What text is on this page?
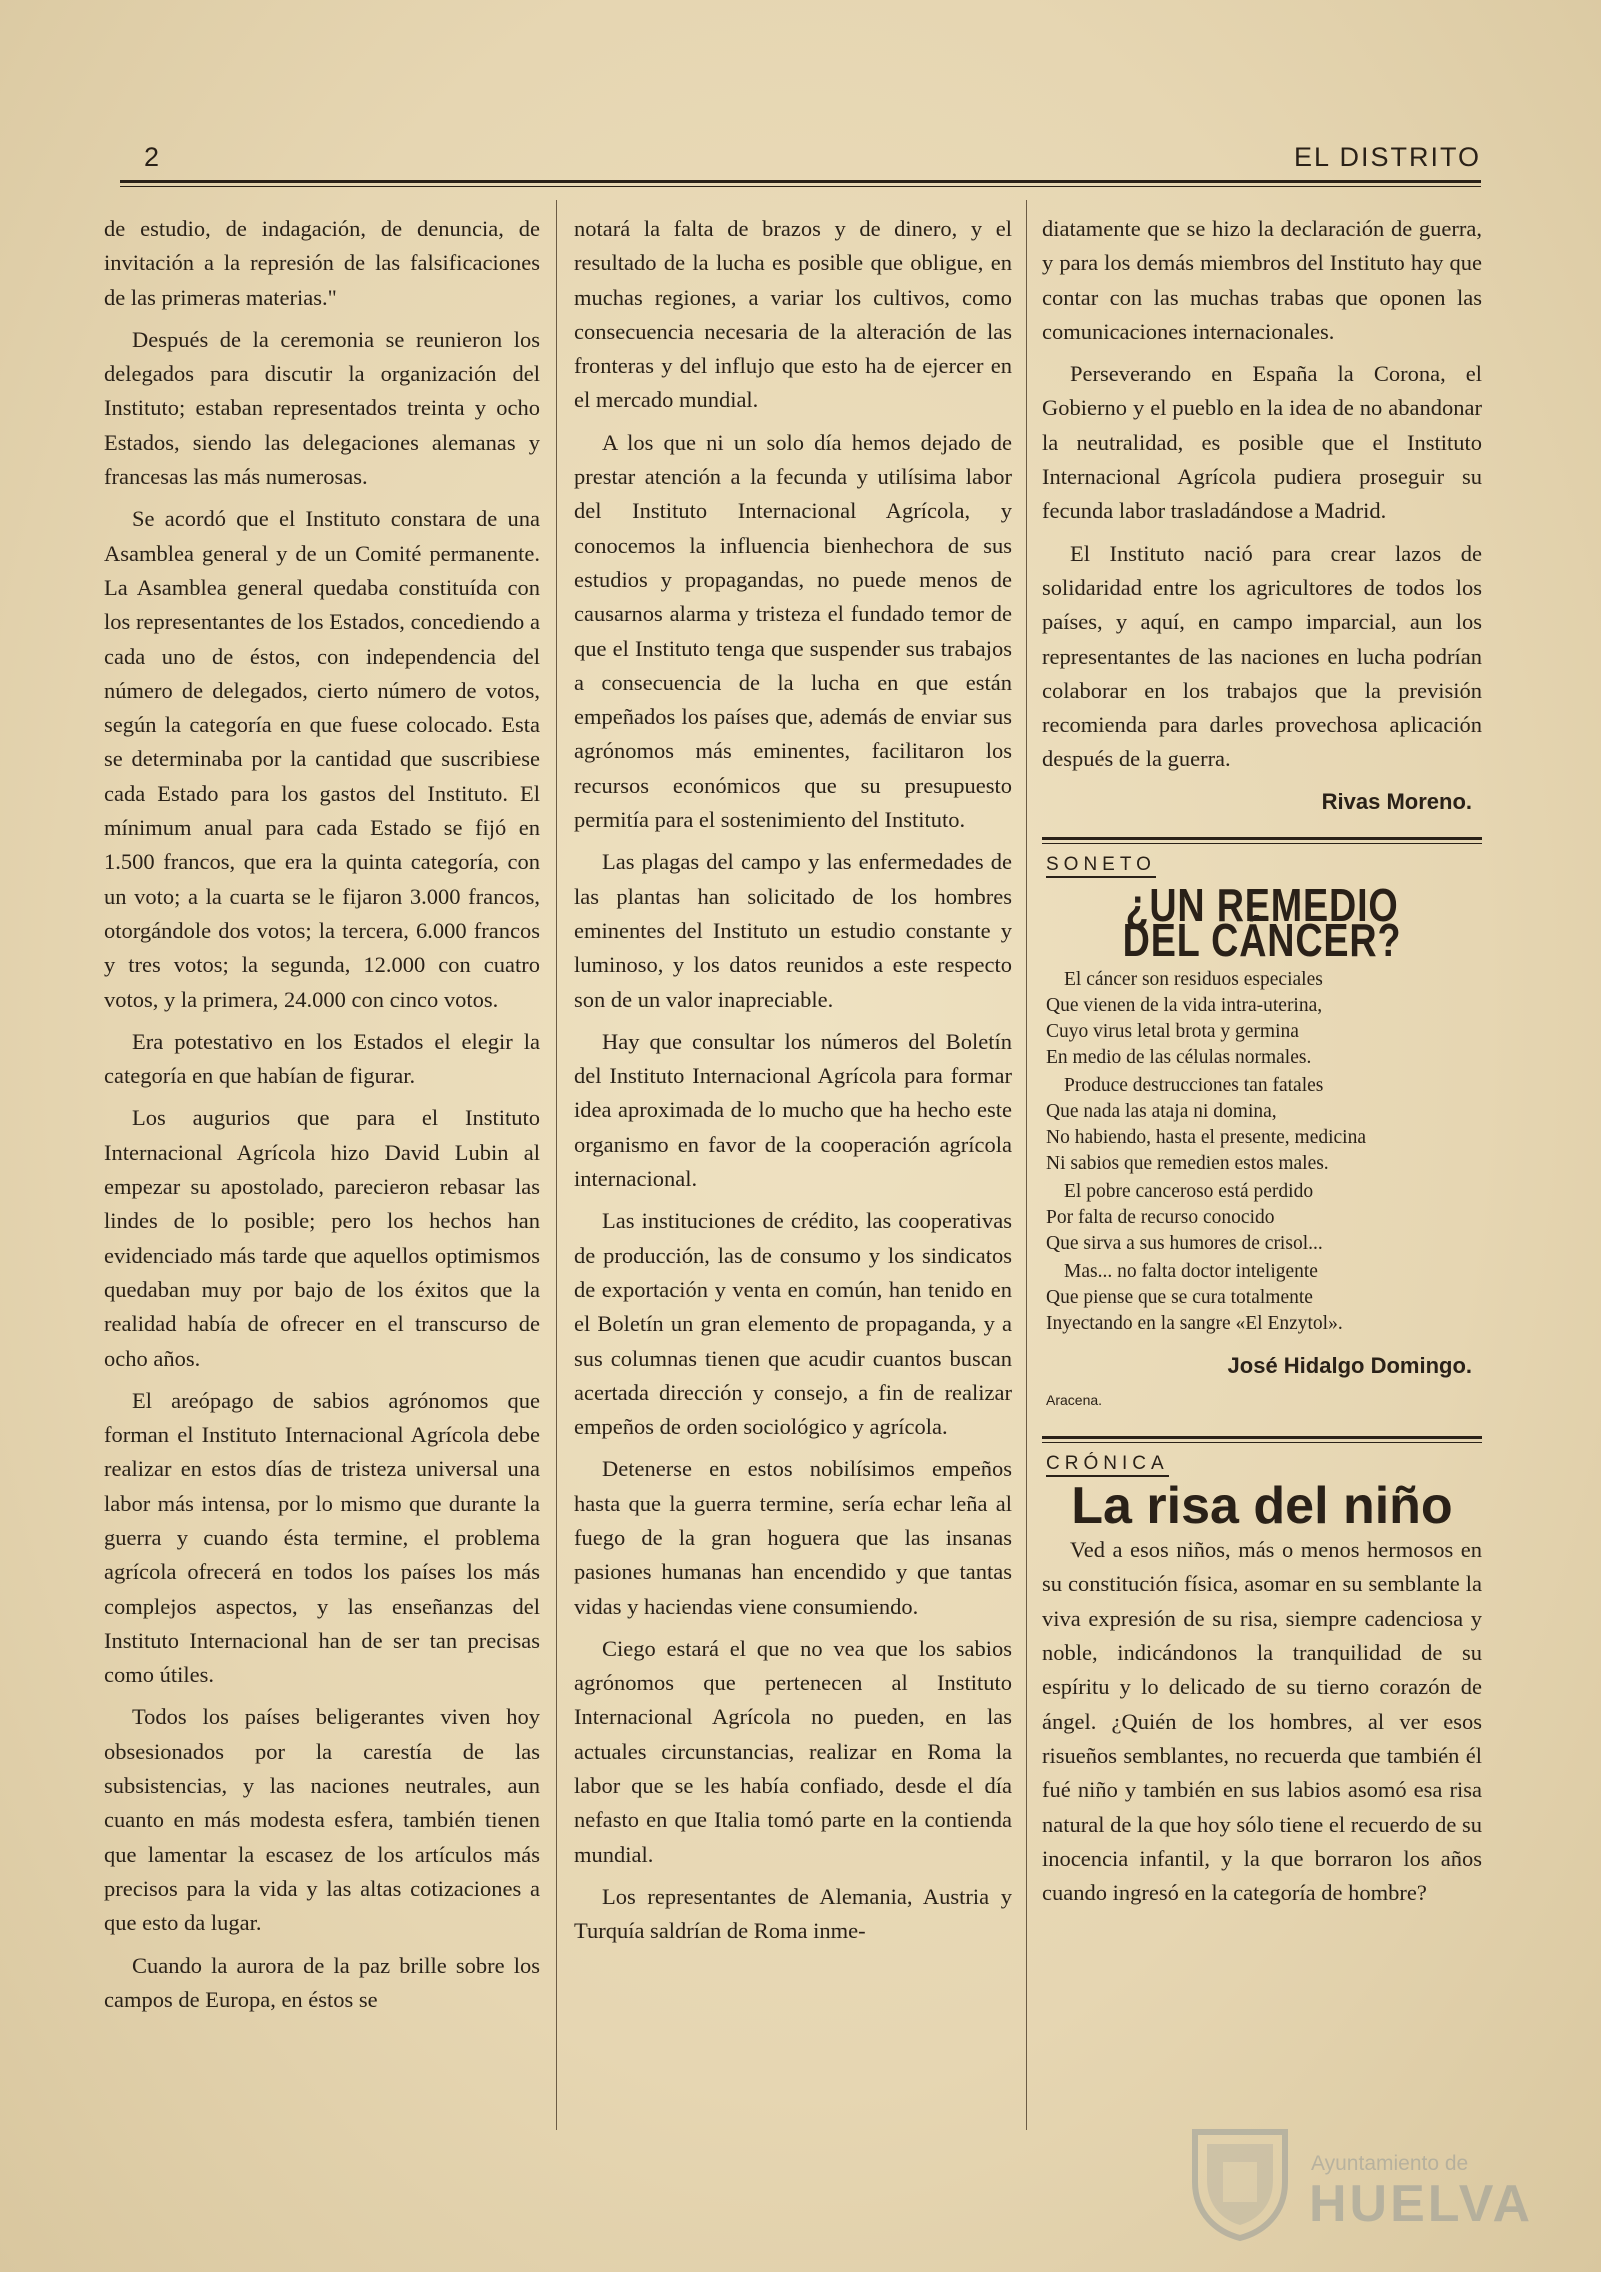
2	EL DISTRITO

de estudio, de indagación, de denuncia, de invitación a la represión de las falsificaciones de las primeras materias."

Después de la ceremonia se reunieron los delegados para discutir la organización del Instituto; estaban representados treinta y ocho Estados, siendo las delegaciones alemanas y francesas las más numerosas.

Se acordó que el Instituto constara de una Asamblea general y de un Comité permanente. La Asamblea general quedaba constituída con los representantes de los Estados, concediendo a cada uno de éstos, con independencia del número de delegados, cierto número de votos, según la categoría en que fuese colocado. Esta se determinaba por la cantidad que suscribiese cada Estado para los gastos del Instituto. El mínimum anual para cada Estado se fijó en 1.500 francos, que era la quinta categoría, con un voto; a la cuarta se le fijaron 3.000 francos, otorgándole dos votos; la tercera, 6.000 francos y tres votos; la segunda, 12.000 con cuatro votos, y la primera, 24.000 con cinco votos.

Era potestativo en los Estados el elegir la categoría en que habían de figurar.

Los augurios que para el Instituto Internacional Agrícola hizo David Lubin al empezar su apostolado, parecieron rebasar las lindes de lo posible; pero los hechos han evidenciado más tarde que aquellos optimismos quedaban muy por bajo de los éxitos que la realidad había de ofrecer en el transcurso de ocho años.

El areópago de sabios agrónomos que forman el Instituto Internacional Agrícola debe realizar en estos días de tristeza universal una labor más intensa, por lo mismo que durante la guerra y cuando ésta termine, el problema agrícola ofrecerá en todos los países los más complejos aspectos, y las enseñanzas del Instituto Internacional han de ser tan precisas como útiles.

Todos los países beligerantes viven hoy obsesionados por la carestía de las subsistencias, y las naciones neutrales, aun cuanto en más modesta esfera, también tienen que lamentar la escasez de los artículos más precisos para la vida y las altas cotizaciones a que esto da lugar.

Cuando la aurora de la paz brille sobre los campos de Europa, en éstos se

notará la falta de brazos y de dinero, y el resultado de la lucha es posible que obligue, en muchas regiones, a variar los cultivos, como consecuencia necesaria de la alteración de las fronteras y del influjo que esto ha de ejercer en el mercado mundial.

A los que ni un solo día hemos dejado de prestar atención a la fecunda y utilísima labor del Instituto Internacional Agrícola, y conocemos la influencia bienhechora de sus estudios y propagandas, no puede menos de causarnos alarma y tristeza el fundado temor de que el Instituto tenga que suspender sus trabajos a consecuencia de la lucha en que están empeñados los países que, además de enviar sus agrónomos más eminentes, facilitaron los recursos económicos que su presupuesto permitía para el sostenimiento del Instituto.

Las plagas del campo y las enfermedades de las plantas han solicitado de los hombres eminentes del Instituto un estudio constante y luminoso, y los datos reunidos a este respecto son de un valor inapreciable.

Hay que consultar los números del Boletín del Instituto Internacional Agrícola para formar idea aproximada de lo mucho que ha hecho este organismo en favor de la cooperación agrícola internacional.

Las instituciones de crédito, las cooperativas de producción, las de consumo y los sindicatos de exportación y venta en común, han tenido en el Boletín un gran elemento de propaganda, y a sus columnas tienen que acudir cuantos buscan acertada dirección y consejo, a fin de realizar empeños de orden sociológico y agrícola.

Detenerse en estos nobilísimos empeños hasta que la guerra termine, sería echar leña al fuego de la gran hoguera que las insanas pasiones humanas han encendido y que tantas vidas y haciendas viene consumiendo.

Ciego estará el que no vea que los sabios agrónomos que pertenecen al Instituto Internacional Agrícola no pueden, en las actuales circunstancias, realizar en Roma la labor que se les había confiado, desde el día nefasto en que Italia tomó parte en la contienda mundial.

Los representantes de Alemania, Austria y Turquía saldrían de Roma inme-

diatamente que se hizo la declaración de guerra, y para los demás miembros del Instituto hay que contar con las muchas trabas que oponen las comunicaciones internacionales.

Perseverando en España la Corona, el Gobierno y el pueblo en la idea de no abandonar la neutralidad, es posible que el Instituto Internacional Agrícola pudiera proseguir su fecunda labor trasladándose a Madrid.

El Instituto nació para crear lazos de solidaridad entre los agricultores de todos los países, y aquí, en campo imparcial, aun los representantes de las naciones en lucha podrían colaborar en los trabajos que la previsión recomienda para darles provechosa aplicación después de la guerra.

Rivas Moreno.
SONETO
¿UN REMEDIO DEL CÁNCER?
El cáncer son residuos especiales
Que vienen de la vida intra-uterina,
Cuyo virus letal brota y germina
En medio de las células normales.
Produce destrucciones tan fatales
Que nada las ataja ni domina,
No habiendo, hasta el presente, medicina
Ni sabios que remedien estos males.
El pobre canceroso está perdido
Por falta de recurso conocido
Que sirva a sus humores de crisol...
Mas... no falta doctor inteligente
Que piense que se cura totalmente
Inyectando en la sangre «El Enzytol».
José Hidalgo Domingo.
Aracena.
CRÓNICA
La risa del niño

Ved a esos niños, más o menos hermosos en su constitución física, asomar en su semblante la viva expresión de su risa, siempre cadenciosa y noble, indicándonos la tranquilidad de su espíritu y lo delicado de su tierno corazón de ángel. ¿Quién de los hombres, al ver esos risueños semblantes, no recuerda que también él fué niño y también en sus labios asomó esa risa natural de la que hoy sólo tiene el recuerdo de su inocencia infantil, y la que borraron los años cuando ingresó en la categoría de hombre?

Ayuntamiento de
HUELVA
